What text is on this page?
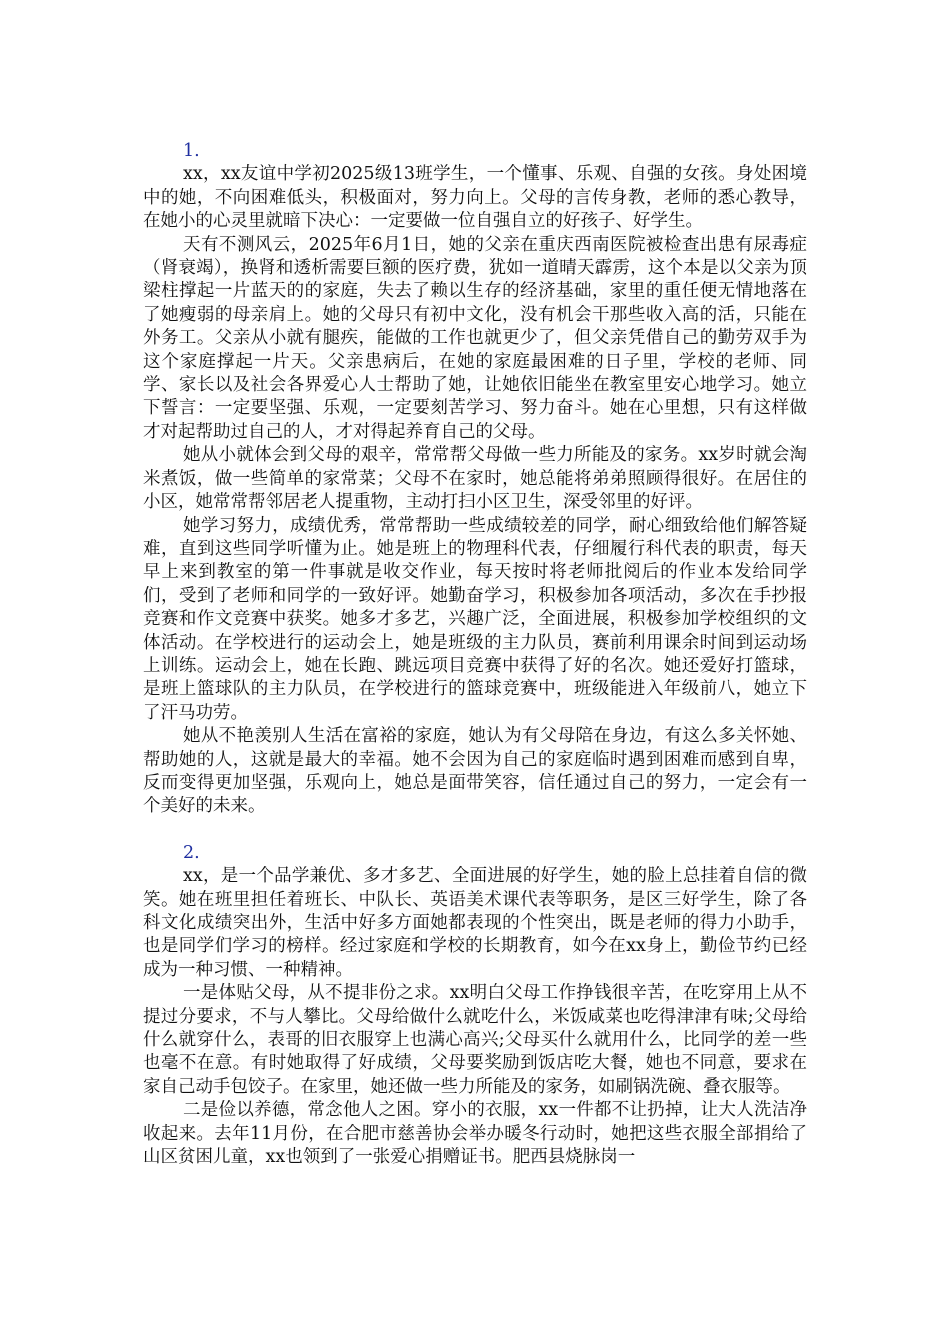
1.

xx，xx友谊中学初2025级13班学生，一个懂事、乐观、自强的女孩。身处困境中的她，不向困难低头，积极面对，努力向上。父母的言传身教，老师的悉心教导，在她小的心灵里就暗下决心：一定要做一位自强自立的好孩子、好学生。

天有不测风云，2025年6月1日，她的父亲在重庆西南医院被检查出患有尿毒症（肾衰竭），换肾和透析需要巨额的医疗费，犹如一道晴天霹雳，这个本是以父亲为顶梁柱撑起一片蓝天的的家庭，失去了赖以生存的经济基础，家里的重任便无情地落在了她瘦弱的母亲肩上。她的父母只有初中文化，没有机会干那些收入高的活，只能在外务工。父亲从小就有腿疾，能做的工作也就更少了，但父亲凭借自己的勤劳双手为这个家庭撑起一片天。父亲患病后，在她的家庭最困难的日子里，学校的老师、同学、家长以及社会各界爱心人士帮助了她，让她依旧能坐在教室里安心地学习。她立下誓言：一定要坚强、乐观，一定要刻苦学习、努力奋斗。她在心里想，只有这样做才对起帮助过自己的人，才对得起养育自己的父母。

她从小就体会到父母的艰辛，常常帮父母做一些力所能及的家务。xx岁时就会淘米煮饭，做一些简单的家常菜；父母不在家时，她总能将弟弟照顾得很好。在居住的小区，她常常帮邻居老人提重物，主动打扫小区卫生，深受邻里的好评。

她学习努力，成绩优秀，常常帮助一些成绩较差的同学，耐心细致给他们解答疑难，直到这些同学听懂为止。她是班上的物理科代表，仔细履行科代表的职责，每天早上来到教室的第一件事就是收交作业，每天按时将老师批阅后的作业本发给同学们，受到了老师和同学的一致好评。她勤奋学习，积极参加各项活动，多次在手抄报竞赛和作文竞赛中获奖。她多才多艺，兴趣广泛，全面进展，积极参加学校组织的文体活动。在学校进行的运动会上，她是班级的主力队员，赛前利用课余时间到运动场上训练。运动会上，她在长跑、跳远项目竞赛中获得了好的名次。她还爱好打篮球，是班上篮球队的主力队员，在学校进行的篮球竞赛中，班级能进入年级前八，她立下了汗马功劳。

她从不艳羡别人生活在富裕的家庭，她认为有父母陪在身边，有这么多关怀她、帮助她的人，这就是最大的幸福。她不会因为自己的家庭临时遇到困难而感到自卑，反而变得更加坚强，乐观向上，她总是面带笑容，信任通过自己的努力，一定会有一个美好的未来。

2.

xx，是一个品学兼优、多才多艺、全面进展的好学生，她的脸上总挂着自信的微笑。她在班里担任着班长、中队长、英语美术课代表等职务，是区三好学生，除了各科文化成绩突出外，生活中好多方面她都表现的个性突出，既是老师的得力小助手，也是同学们学习的榜样。经过家庭和学校的长期教育，如今在xx身上，勤俭节约已经成为一种习惯、一种精神。

一是体贴父母，从不提非份之求。xx明白父母工作挣钱很辛苦，在吃穿用上从不提过分要求，不与人攀比。父母给做什么就吃什么，米饭咸菜也吃得津津有味;父母给什么就穿什么，表哥的旧衣服穿上也满心高兴;父母买什么就用什么，比同学的差一些也毫不在意。有时她取得了好成绩，父母要奖励到饭店吃大餐，她也不同意，要求在家自己动手包饺子。在家里，她还做一些力所能及的家务，如刷锅洗碗、叠衣服等。

二是俭以养德，常念他人之困。穿小的衣服，xx一件都不让扔掉，让大人洗洁净收起来。去年11月份，在合肥市慈善协会举办暖冬行动时，她把这些衣服全部捐给了山区贫困儿童，xx也领到了一张爱心捐赠证书。肥西县烧脉岗一
